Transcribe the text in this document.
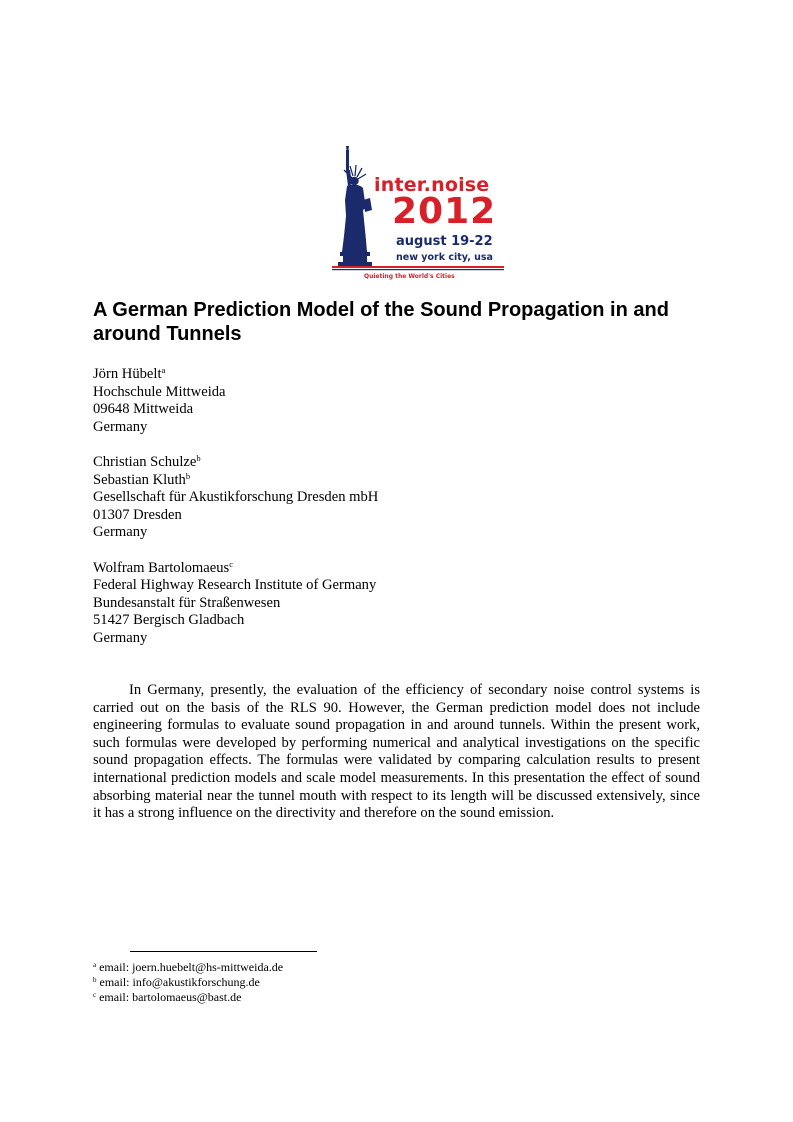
inter.noise
2012
august 19-22
new york city, usa
Quieting the World's Cities
A German Prediction Model of the Sound Propagation in and around Tunnels
Jörn Hübelt$^a$
Hochschule Mittweida
09648 Mittweida
Germany
Christian Schulze$^b$
Sebastian Kluth$^b$
Gesellschaft für Akustikforschung Dresden mbH
01307 Dresden
Germany
Wolfram Bartolomaeus$^c$
Federal Highway Research Institute of Germany
Bundesanstalt für Straßenwesen
51427 Bergisch Gladbach
Germany

In Germany, presently, the evaluation of the efficiency of secondary noise control systems is carried out on the basis of the RLS 90. However, the German prediction model does not include engineering formulas to evaluate sound propagation in and around tunnels. Within the present work, such formulas were developed by performing numerical and analytical investigations on the specific sound propagation effects. The formulas were validated by comparing calculation results to present international prediction models and scale model measurements. In this presentation the effect of sound absorbing material near the tunnel mouth with respect to its length will be discussed extensively, since it has a strong influence on the directivity and therefore on the sound emission.

$^a$ email: joern.huebelt@hs-mittweida.de
$^b$ email: info@akustikforschung.de
$^c$ email: bartolomaeus@bast.de
